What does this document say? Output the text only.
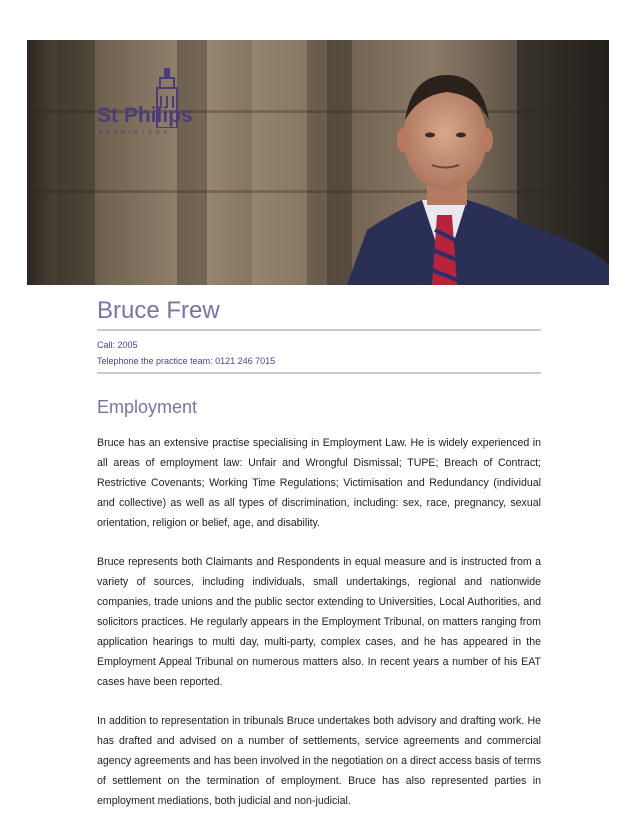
St Philips
BARRISTERS
Bruce Frew
Call: 2005
Telephone the practice team: 0121 246 7015
Employment

Bruce has an extensive practise specialising in Employment Law. He is widely experienced in all areas of employment law: Unfair and Wrongful Dismissal; TUPE; Breach of Contract; Restrictive Covenants; Working Time Regulations; Victimisation and Redundancy (individual and collective) as well as all types of discrimination, including: sex, race, pregnancy, sexual orientation, religion or belief, age, and disability.

Bruce represents both Claimants and Respondents in equal measure and is instructed from a variety of sources, including individuals, small undertakings, regional and nationwide companies, trade unions and the public sector extending to Universities, Local Authorities, and solicitors practices. He regularly appears in the Employment Tribunal, on matters ranging from application hearings to multi day, multi-party, complex cases, and he has appeared in the Employment Appeal Tribunal on numerous matters also. In recent years a number of his EAT cases have been reported.

In addition to representation in tribunals Bruce undertakes both advisory and drafting work. He has drafted and advised on a number of settlements, service agreements and commercial agency agreements and has been involved in the negotiation on a direct access basis of terms of settlement on the termination of employment. Bruce has also represented parties in employment mediations, both judicial and non-judicial.
